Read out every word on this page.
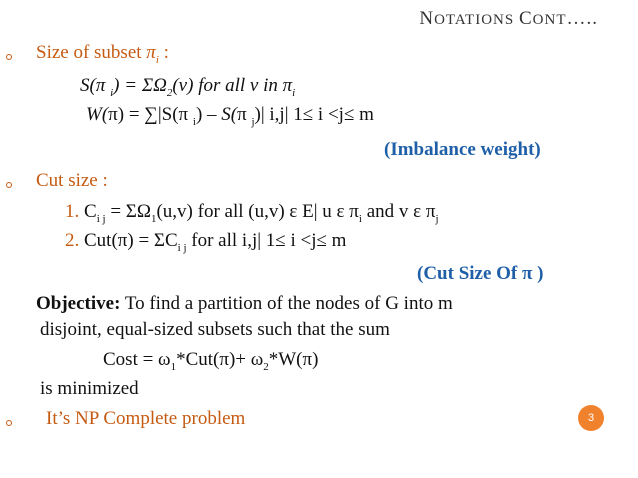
NOTATIONS CONT…..
Size of subset $\pi_i$ :
S(π $_i) = \Sigma\Omega_2(v)$ for all v in $\pi_i$
W(π) = ∑|S(π $_i$) – S(π $_j$)| i,j| 1≤ i <j≤ m
(Imbalance weight)
Cut size :
1. $C_{i j} = \Sigma\Omega_1(u,v)$ for all (u,v) ε E| u ε $\pi_i$ and v ε $\pi_j$
2. $Cut(\pi) = \Sigma C_{i j}$ for all i,j| 1≤ i <j≤ m
(Cut Size Of π )
Objective: To find a partition of the nodes of G into m
disjoint, equal-sized subsets such that the sum
Cost = $\omega_1*Cut(\pi)+ \omega_2*W(\pi)$
is minimized
It’s NP Complete problem	3
